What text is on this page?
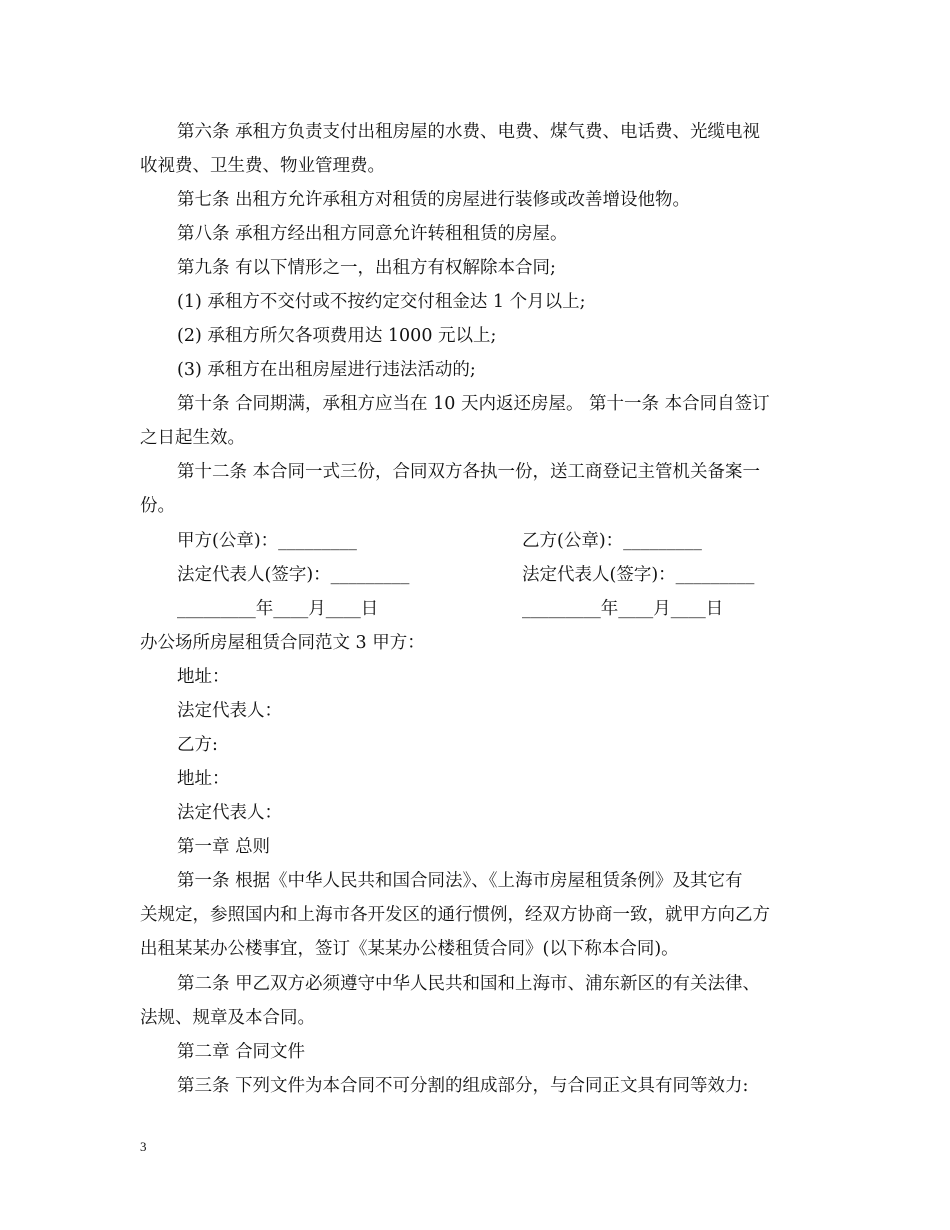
第六条 承租方负责支付出租房屋的水费、电费、煤气费、电话费、光缆电视
收视费、卫生费、物业管理费。
第七条 出租方允许承租方对租赁的房屋进行装修或改善增设他物。
第八条 承租方经出租方同意允许转租租赁的房屋。
第九条 有以下情形之一，出租方有权解除本合同;
(1) 承租方不交付或不按约定交付租金达 1 个月以上;
(2) 承租方所欠各项费用达 1000 元以上;
(3) 承租方在出租房屋进行违法活动的;
第十条 合同期满，承租方应当在 10 天内返还房屋。 第十一条 本合同自签订
之日起生效。
第十二条 本合同一式三份，合同双方各执一份，送工商登记主管机关备案一
份。
甲方(公章)：_________	乙方(公章)：_________
法定代表人(签字)：_________	法定代表人(签字)：_________
_________年____月____日	_________年____月____日
办公场所房屋租赁合同范文 3 甲方：
地址：
法定代表人：
乙方:
地址：
法定代表人：
第一章 总则
第一条 根据《中华人民共和国合同法》、《上海市房屋租赁条例》及其它有
关规定，参照国内和上海市各开发区的通行惯例，经双方协商一致，就甲方向乙方
出租某某办公楼事宜，签订《某某办公楼租赁合同》(以下称本合同)。
第二条 甲乙双方必须遵守中华人民共和国和上海市、浦东新区的有关法律、
法规、规章及本合同。
第二章 合同文件
第三条 下列文件为本合同不可分割的组成部分，与合同正文具有同等效力:
3
